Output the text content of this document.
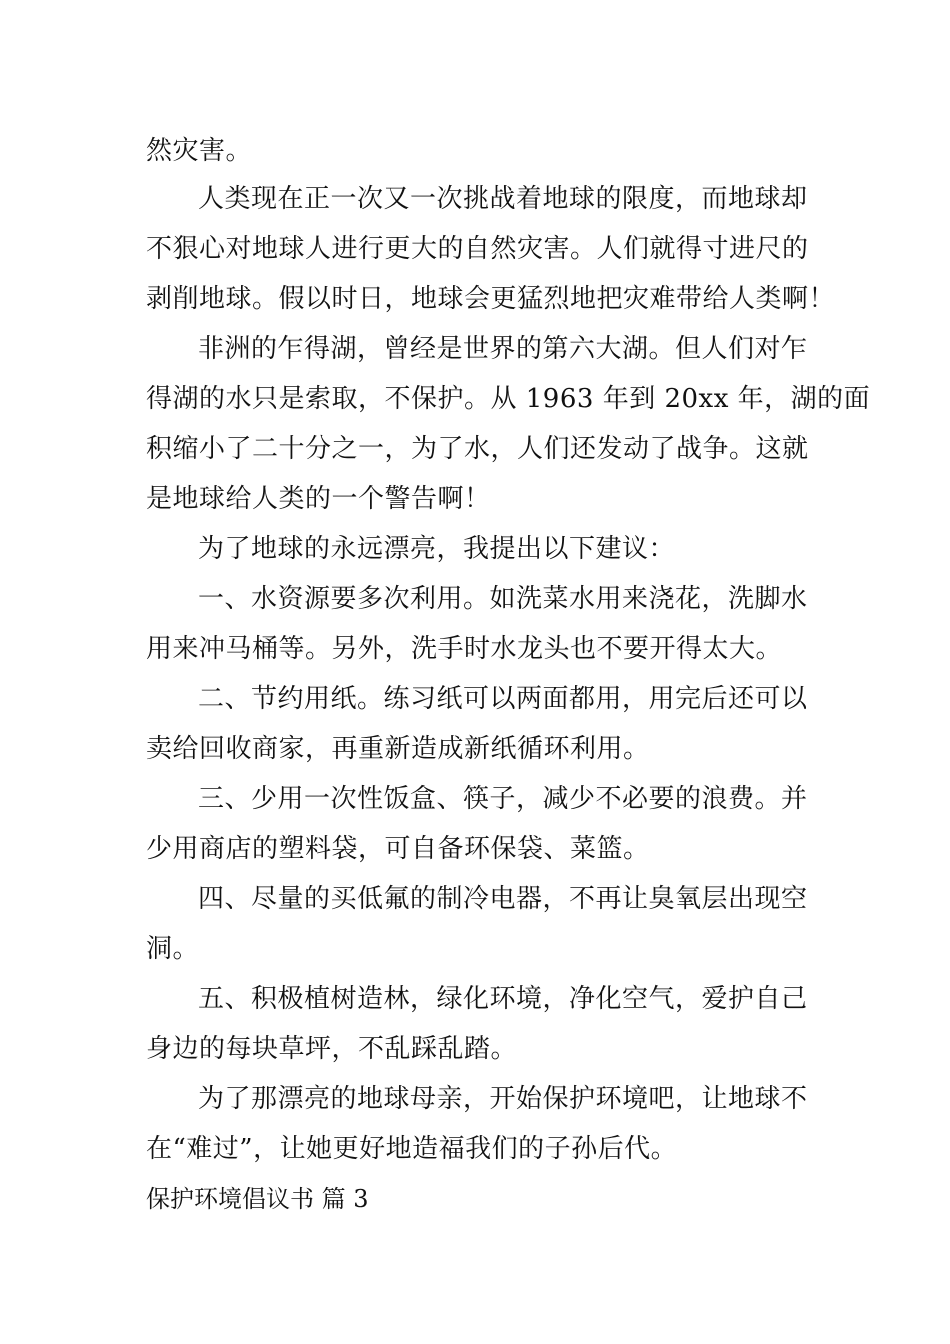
然灾害。
人类现在正一次又一次挑战着地球的限度，而地球却
不狠心对地球人进行更大的自然灾害。人们就得寸进尺的
剥削地球。假以时日，地球会更猛烈地把灾难带给人类啊！
非洲的乍得湖，曾经是世界的第六大湖。但人们对乍
得湖的水只是索取，不保护。从 1963 年到 20xx 年，湖的面
积缩小了二十分之一，为了水，人们还发动了战争。这就
是地球给人类的一个警告啊！
为了地球的永远漂亮，我提出以下建议：
一、水资源要多次利用。如洗菜水用来浇花，洗脚水
用来冲马桶等。另外，洗手时水龙头也不要开得太大。
二、节约用纸。练习纸可以两面都用，用完后还可以
卖给回收商家，再重新造成新纸循环利用。
三、少用一次性饭盒、筷子，减少不必要的浪费。并
少用商店的塑料袋，可自备环保袋、菜篮。
四、尽量的买低氟的制冷电器，不再让臭氧层出现空
洞。
五、积极植树造林，绿化环境，净化空气，爱护自己
身边的每块草坪，不乱踩乱踏。
为了那漂亮的地球母亲，开始保护环境吧，让地球不
在“难过”，让她更好地造福我们的子孙后代。
保护环境倡议书 篇 3
